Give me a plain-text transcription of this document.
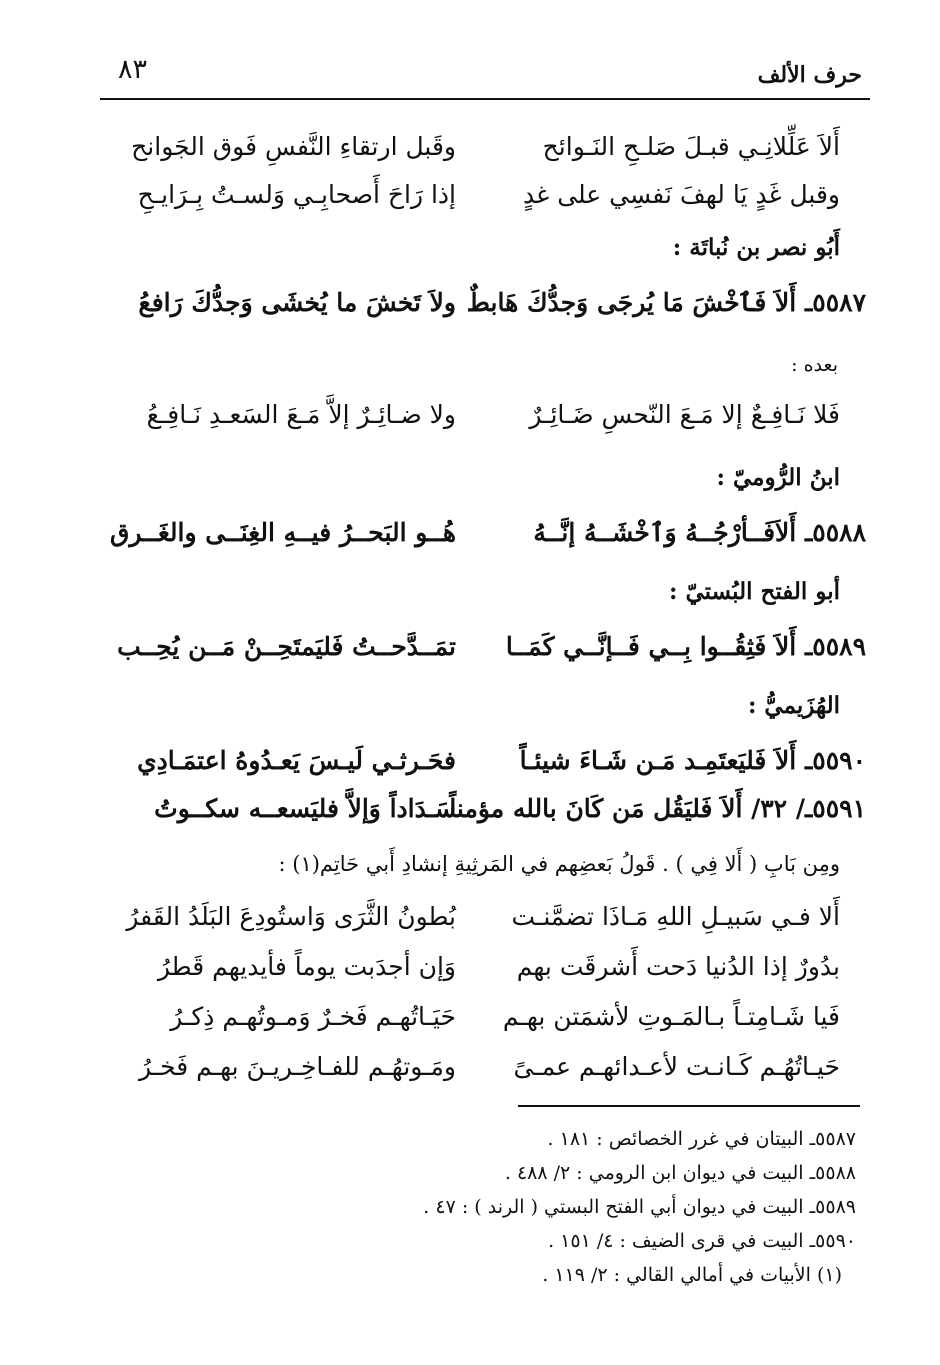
حرف الألف
٨٣
أَلاَ عَلِّلانِـي قبـلَ صَلـحِ النَـوائح
وقَبل ارتقاءِ النَّفسِ فَوق الجَوانح
وقبل غَدٍ يَا لهفَ نَفسِي على غدٍ
إذا رَاحَ أَصحابِـي وَلسـتُ بِـرَايـحِ
أَبُو نصر بن نُباتَة :
٥٥٨٧ـ أَلاَ فَٱخْشَ مَا يُرجَى وَجدُّكَ هَابطٌ
ولاَ تَخشَ ما يُخشَى وَجدُّكَ رَافعُ
بعده :
فَلا نَـافِـعٌ إلا مَـعَ النّحسِ ضَـائِـرٌ
ولا ضـائِـرٌ إلاَّ مَـعَ السَعـدِ نَـافِـعُ
ابنُ الرُّوميّ :
٥٥٨٨ـ أَلاَفَــأرْجُــهُ وَٱخْشَــهُ إنَّــهُ
هُــو البَحــرُ فيــهِ الغِنَــى والغَــرق
أبو الفتح البُستيّ :
٥٥٨٩ـ أَلاَ فَثِقُــوا بِــي فَــإنَّــي كَمَــا
تمَــدَّحــتُ فَليَمتَحِــنْ مَــن يُحِــب
الهُزَيميُّ :
٥٥٩٠ـ أَلاَ فَليَعتَمِـد مَـن شَـاءَ شيئـاً
فحَـرثـي لَيـسَ يَعـدُوهُ اعتمَـادِي
٥٥٩١ـ/ ٣٢/ أَلاَ فَليَقُل مَن كَانَ بالله مؤمناً
سَـدَاداً وَإلاَّ فليَسعــه سكــوتُ
ومِن بَابِ ( أَلا فِي ) . قَولُ بَعضِهم في المَرثِيةِ إنشادِ أَبي حَاتِم(١) :
أَلا فـي سَبيـلِ اللهِ مَـاذَا تضمَّنـت
بُطونُ الثَّرَى وَاستُودِعَ البَلَدُ القَفرُ
بدُورٌ إذا الدُنيا دَحت أَشرقَت بهم
وَإن أجدَبت يوماً فأيديهم قَطرُ
فَيا شَـامِتـاً بـالمَـوتِ لأشمَتن بهـم
حَيَـاتُهـم فَخـرٌ وَمـوتُهـم ذِكـرُ
حَيـاتُهُـم كَـانـت لأعـدائهـم عمـىً
ومَـوتهُـم للفـاخِـريـنَ بهـم فَخـرُ
٥٥٨٧ـ البيتان في غرر الخصائص : ١٨١ .
٥٥٨٨ـ البيت في ديوان ابن الرومي : ٢/ ٤٨٨ .
٥٥٨٩ـ البيت في ديوان أبي الفتح البستي ( الرند ) : ٤٧ .
٥٥٩٠ـ البيت في قرى الضيف : ٤/ ١٥١ .
(١) الأبيات في أمالي القالي : ٢/ ١١٩ .
